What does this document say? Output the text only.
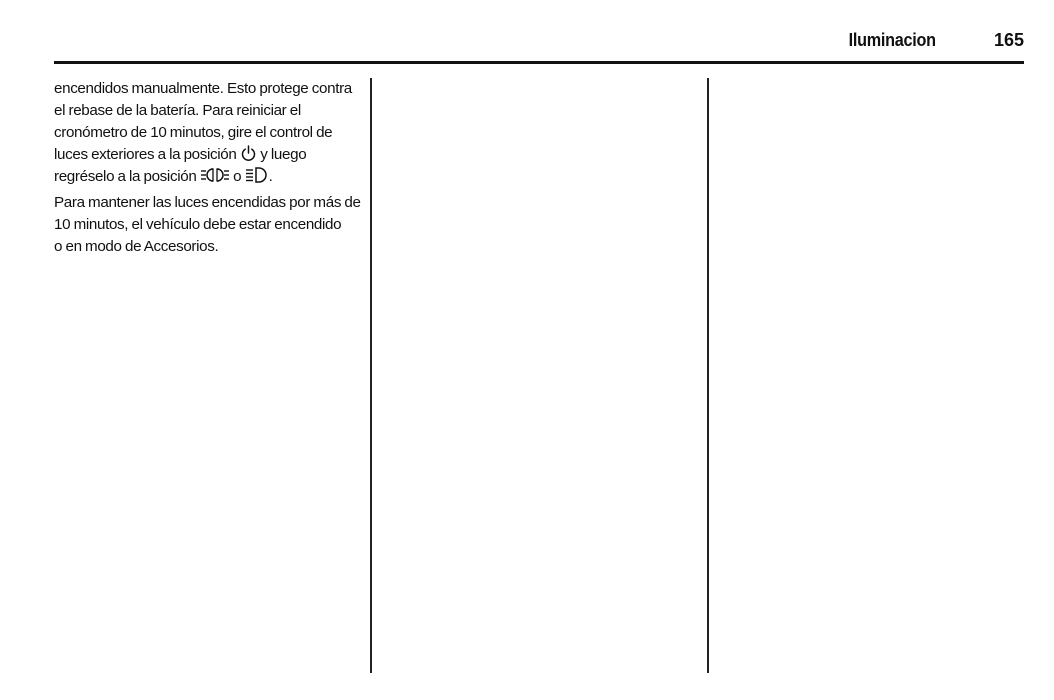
Iluminacion	165

encendidos manualmente. Esto protege contra
el rebase de la batería. Para reiniciar el
cronómetro de 10 minutos, gire el control de
luces exteriores a la posición y luego
regréselo a la posición o .

Para mantener las luces encendidas por más de
10 minutos, el vehículo debe estar encendido
o en modo de Accesorios.
